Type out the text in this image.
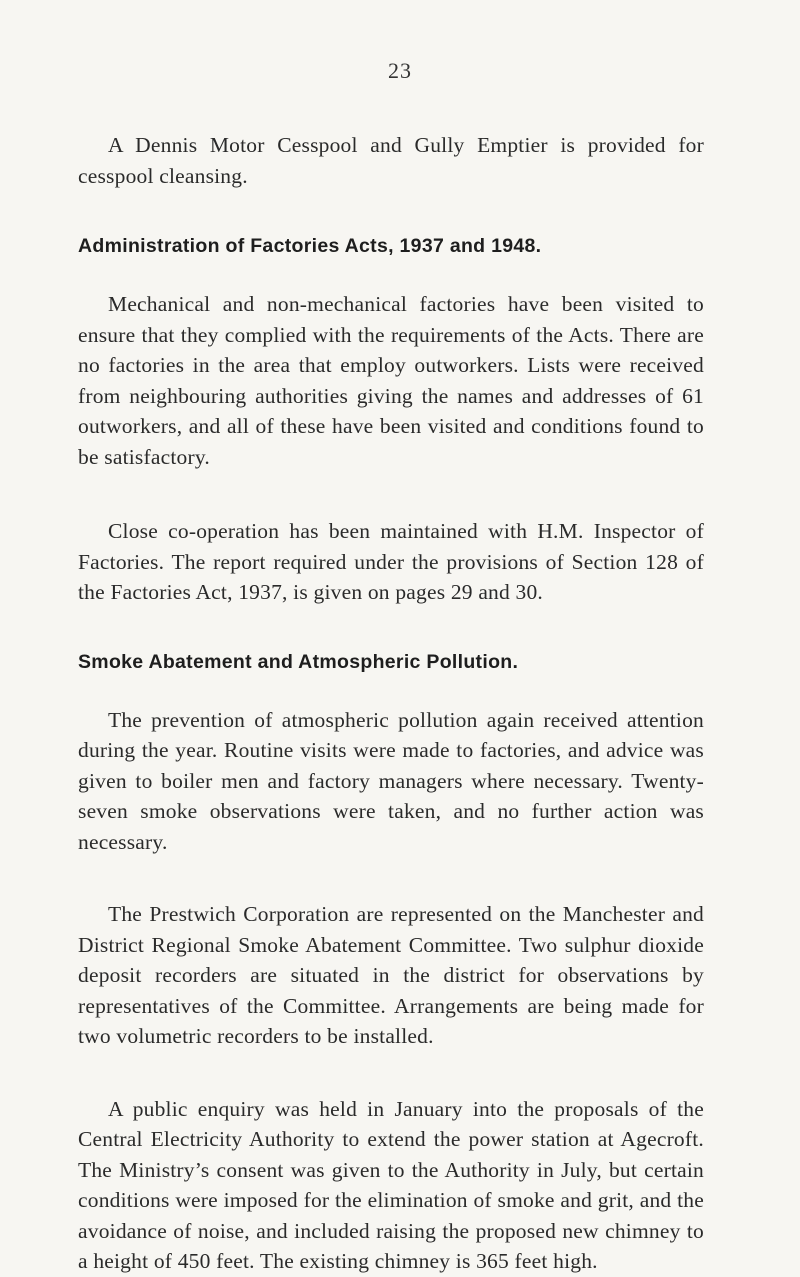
23

A Dennis Motor Cesspool and Gully Emptier is provided for cesspool cleansing.

Administration of Factories Acts, 1937 and 1948.

Mechanical and non-mechanical factories have been visited to ensure that they complied with the requirements of the Acts. There are no factories in the area that employ outworkers. Lists were received from neighbouring authorities giving the names and addresses of 61 outworkers, and all of these have been visited and conditions found to be satisfactory.

Close co-operation has been maintained with H.M. Inspector of Factories. The report required under the provisions of Section 128 of the Factories Act, 1937, is given on pages 29 and 30.

Smoke Abatement and Atmospheric Pollution.

The prevention of atmospheric pollution again received attention during the year. Routine visits were made to factories, and advice was given to boiler men and factory managers where necessary. Twenty-seven smoke observations were taken, and no further action was necessary.

The Prestwich Corporation are represented on the Manchester and District Regional Smoke Abatement Committee. Two sulphur dioxide deposit recorders are situated in the district for observations by representatives of the Committee. Arrangements are being made for two volumetric recorders to be installed.

A public enquiry was held in January into the proposals of the Central Electricity Authority to extend the power station at Agecroft. The Ministry’s consent was given to the Authority in July, but certain conditions were imposed for the elimination of smoke and grit, and the avoidance of noise, and included raising the proposed new chimney to a height of 450 feet. The existing chimney is 365 feet high.
